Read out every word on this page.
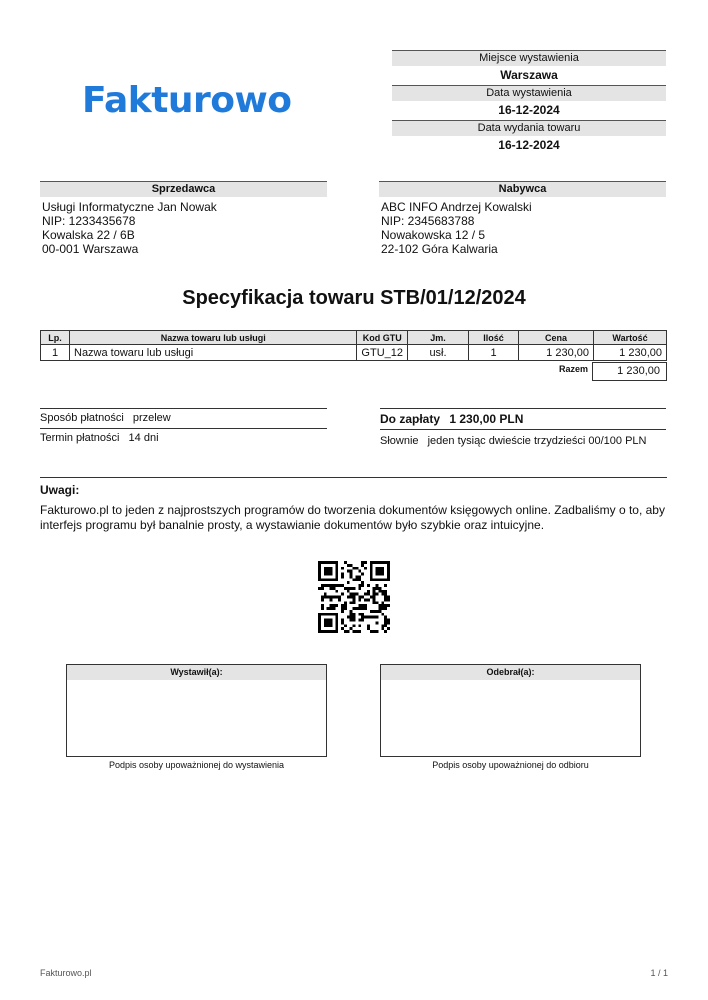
Fakturowo
Miejsce wystawienia
Warszawa
Data wystawienia
16-12-2024
Data wydania towaru
16-12-2024
Sprzedawca
Usługi Informatyczne Jan Nowak
NIP: 1233435678
Kowalska 22 / 6B
00-001 Warszawa
Nabywca
ABC INFO Andrzej Kowalski
NIP: 2345683788
Nowakowska 12 / 5
22-102 Góra Kalwaria
Specyfikacja towaru STB/01/12/2024
Lp.	Nazwa towaru lub usługi	Kod GTU	Jm.	Ilość	Cena	Wartość
1	Nazwa towaru lub usługi	GTU_12	usł.	1	1 230,00	1 230,00
Razem	1 230,00
Sposób płatności przelew
Termin płatności 14 dni
Do zapłaty 1 230,00 PLN
Słownie jeden tysiąc dwieście trzydzieści 00/100 PLN
Uwagi:
Fakturowo.pl to jeden z najprostszych programów do tworzenia dokumentów księgowych online. Zadbaliśmy o to, aby interfejs programu był banalnie prosty, a wystawianie dokumentów było szybkie oraz intuicyjne.
Wystawił(a):
Podpis osoby upoważnionej do wystawienia
Odebrał(a):
Podpis osoby upoważnionej do odbioru
Fakturowo.pl	1 / 1
